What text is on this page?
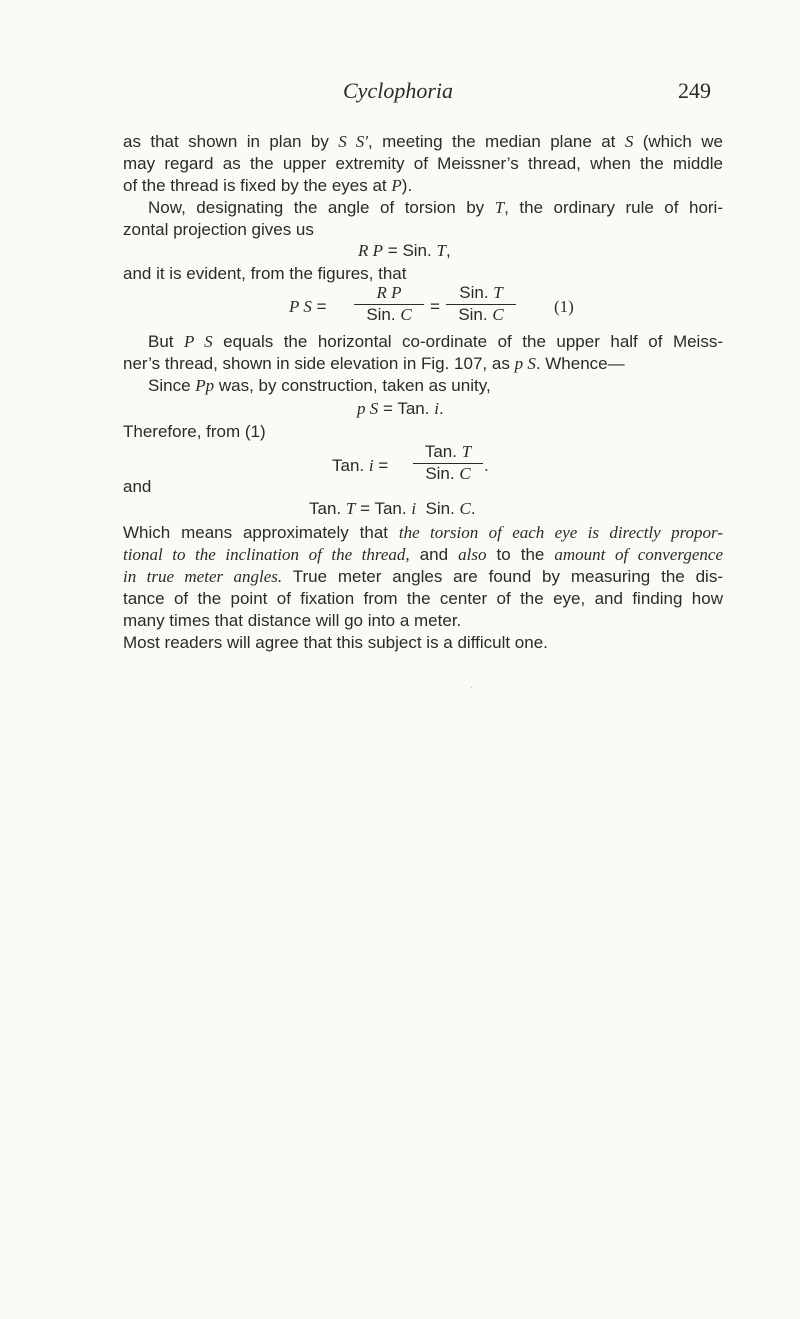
Cyclophoria	249
as that shown in plan by S S′, meeting the median plane at S (which we
may regard as the upper extremity of Meissner’s thread, when the middle
of the thread is fixed by the eyes at P).
Now, designating the angle of torsion by T, the ordinary rule of hori-
zontal projection gives us
R P = Sin. T,
and it is evident, from the figures, that
P S =
R P
Sin. C	=
Sin. T
Sin. C	(1)
But P S equals the horizontal co-ordinate of the upper half of Meiss-
ner’s thread, shown in side elevation in Fig. 107, as p S. Whence—
Since Pp was, by construction, taken as unity,
p S = Tan. i.
Therefore, from (1)
Tan. i =
Tan. T
Sin. C .
and
Tan. T = Tan. i Sin. C.
Which means approximately that the torsion of each eye is directly propor-
tional to the inclination of the thread, and also to the amount of convergence
in true meter angles. True meter angles are found by measuring the dis-
tance of the point of fixation from the center of the eye, and finding how
many times that distance will go into a meter.
Most readers will agree that this subject is a difficult one.
·
